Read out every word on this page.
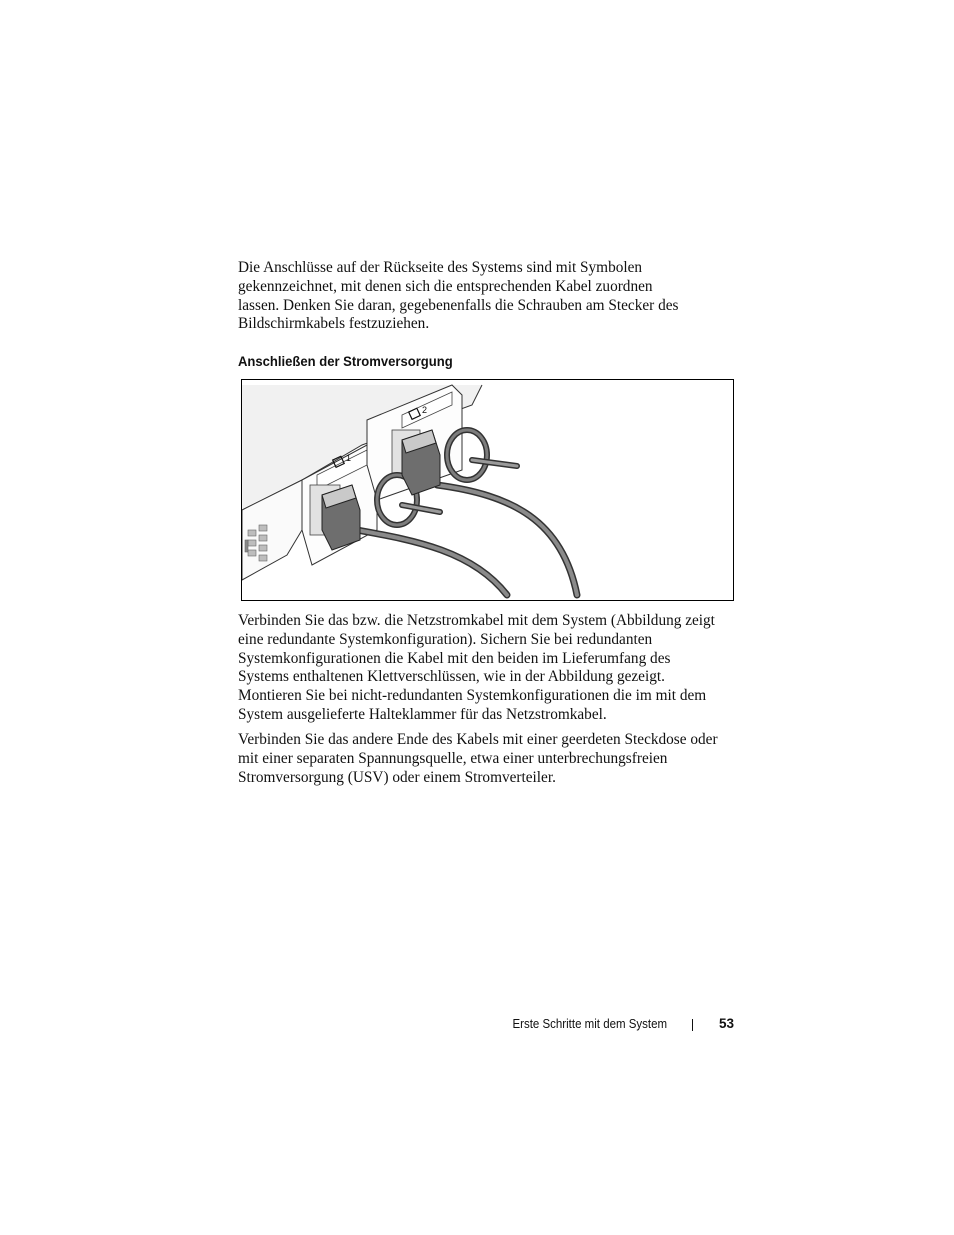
Die Anschlüsse auf der Rückseite des Systems sind mit Symbolen gekennzeichnet, mit denen sich die entsprechenden Kabel zuordnen lassen. Denken Sie daran, gegebenenfalls die Schrauben am Stecker des Bildschirmkabels festzuziehen.

Anschließen der Stromversorgung
1
2

Verbinden Sie das bzw. die Netzstromkabel mit dem System (Abbildung zeigt eine redundante Systemkonfiguration). Sichern Sie bei redundanten Systemkonfigurationen die Kabel mit den beiden im Lieferumfang des Systems enthaltenen Klettverschlüssen, wie in der Abbildung gezeigt. Montieren Sie bei nicht-redundanten Systemkonfigurationen die im mit dem System ausgelieferte Halteklammer für das Netzstromkabel.

Verbinden Sie das andere Ende des Kabels mit einer geerdeten Steckdose oder mit einer separaten Spannungsquelle, etwa einer unterbrechungsfreien Stromversorgung (USV) oder einem Stromverteiler.

Erste Schritte mit dem System	53
